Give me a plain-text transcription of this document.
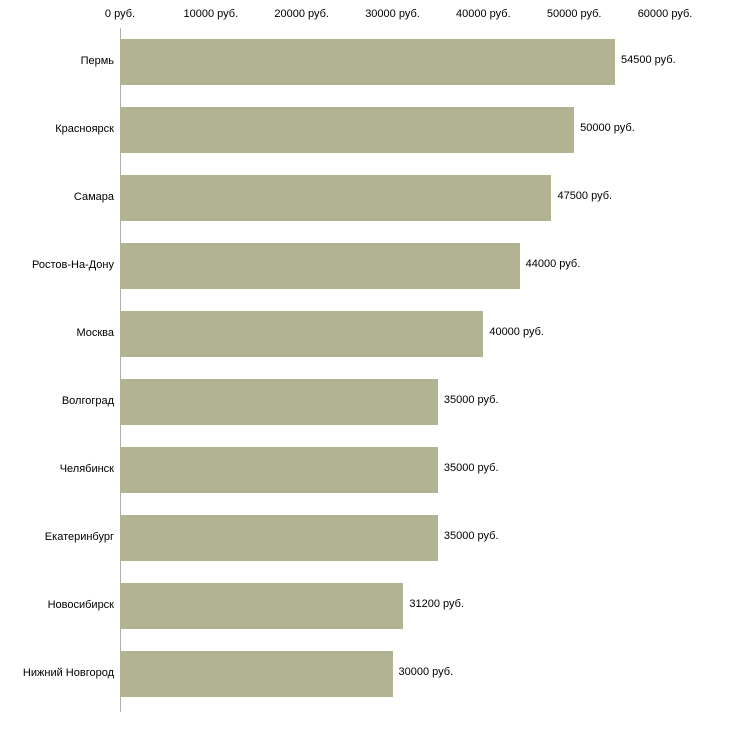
0 руб.	10000 руб.	20000 руб.	30000 руб.	40000 руб.	50000 руб.	60000 руб.
Пермь	54500 руб.
Красноярск	50000 руб.
Самара	47500 руб.
Ростов-На-Дону	44000 руб.
Москва	40000 руб.
Волгоград	35000 руб.
Челябинск	35000 руб.
Екатеринбург	35000 руб.
Новосибирск	31200 руб.
Нижний Новгород	30000 руб.
